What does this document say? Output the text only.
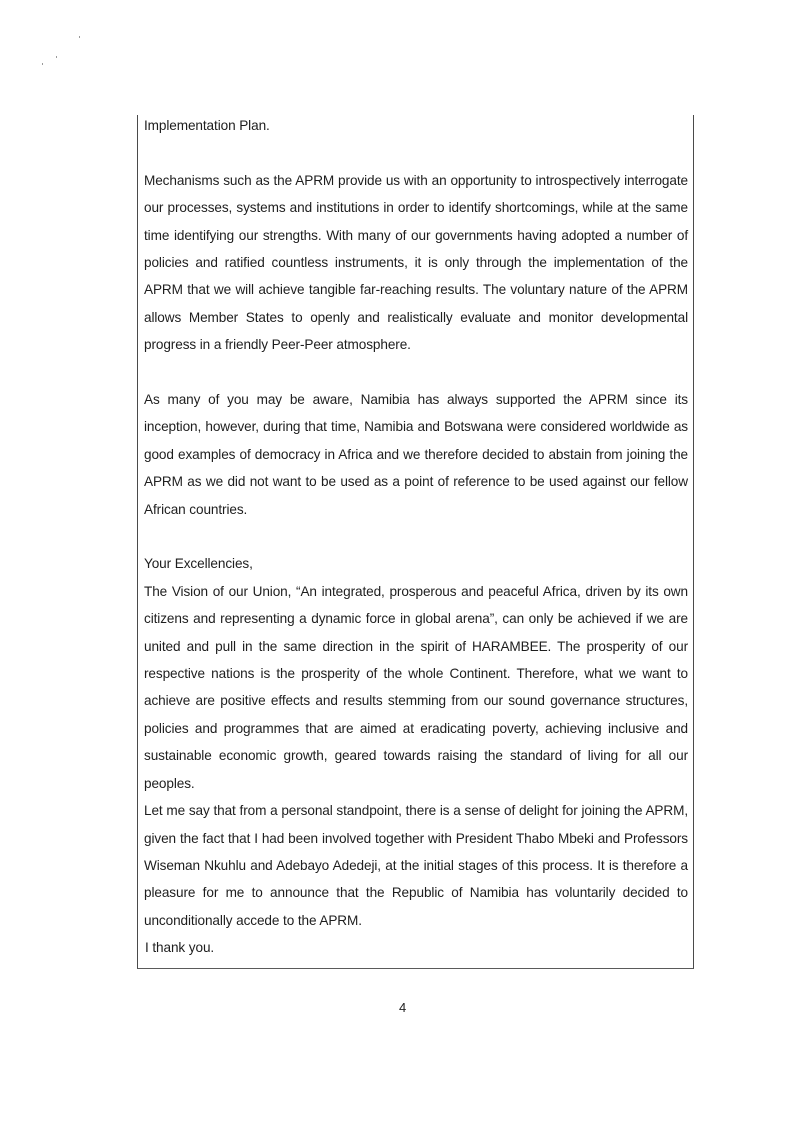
Implementation Plan.

Mechanisms such as the APRM provide us with an opportunity to introspectively interrogate our processes, systems and institutions in order to identify shortcomings, while at the same time identifying our strengths. With many of our governments having adopted a number of policies and ratified countless instruments, it is only through the implementation of the APRM that we will achieve tangible far-reaching results. The voluntary nature of the APRM allows Member States to openly and realistically evaluate and monitor developmental progress in a friendly Peer-Peer atmosphere.

As many of you may be aware, Namibia has always supported the APRM since its inception, however, during that time, Namibia and Botswana were considered worldwide as good examples of democracy in Africa and we therefore decided to abstain from joining the APRM as we did not want to be used as a point of reference to be used against our fellow African countries.

Your Excellencies,

The Vision of our Union, “An integrated, prosperous and peaceful Africa, driven by its own citizens and representing a dynamic force in global arena”, can only be achieved if we are united and pull in the same direction in the spirit of HARAMBEE. The prosperity of our respective nations is the prosperity of the whole Continent. Therefore, what we want to achieve are positive effects and results stemming from our sound governance structures, policies and programmes that are aimed at eradicating poverty, achieving inclusive and sustainable economic growth, geared towards raising the standard of living for all our peoples.

Let me say that from a personal standpoint, there is a sense of delight for joining the APRM, given the fact that I had been involved together with President Thabo Mbeki and Professors Wiseman Nkuhlu and Adebayo Adedeji, at the initial stages of this process. It is therefore a pleasure for me to announce that the Republic of Namibia has voluntarily decided to unconditionally accede to the APRM.

I thank you.

4
